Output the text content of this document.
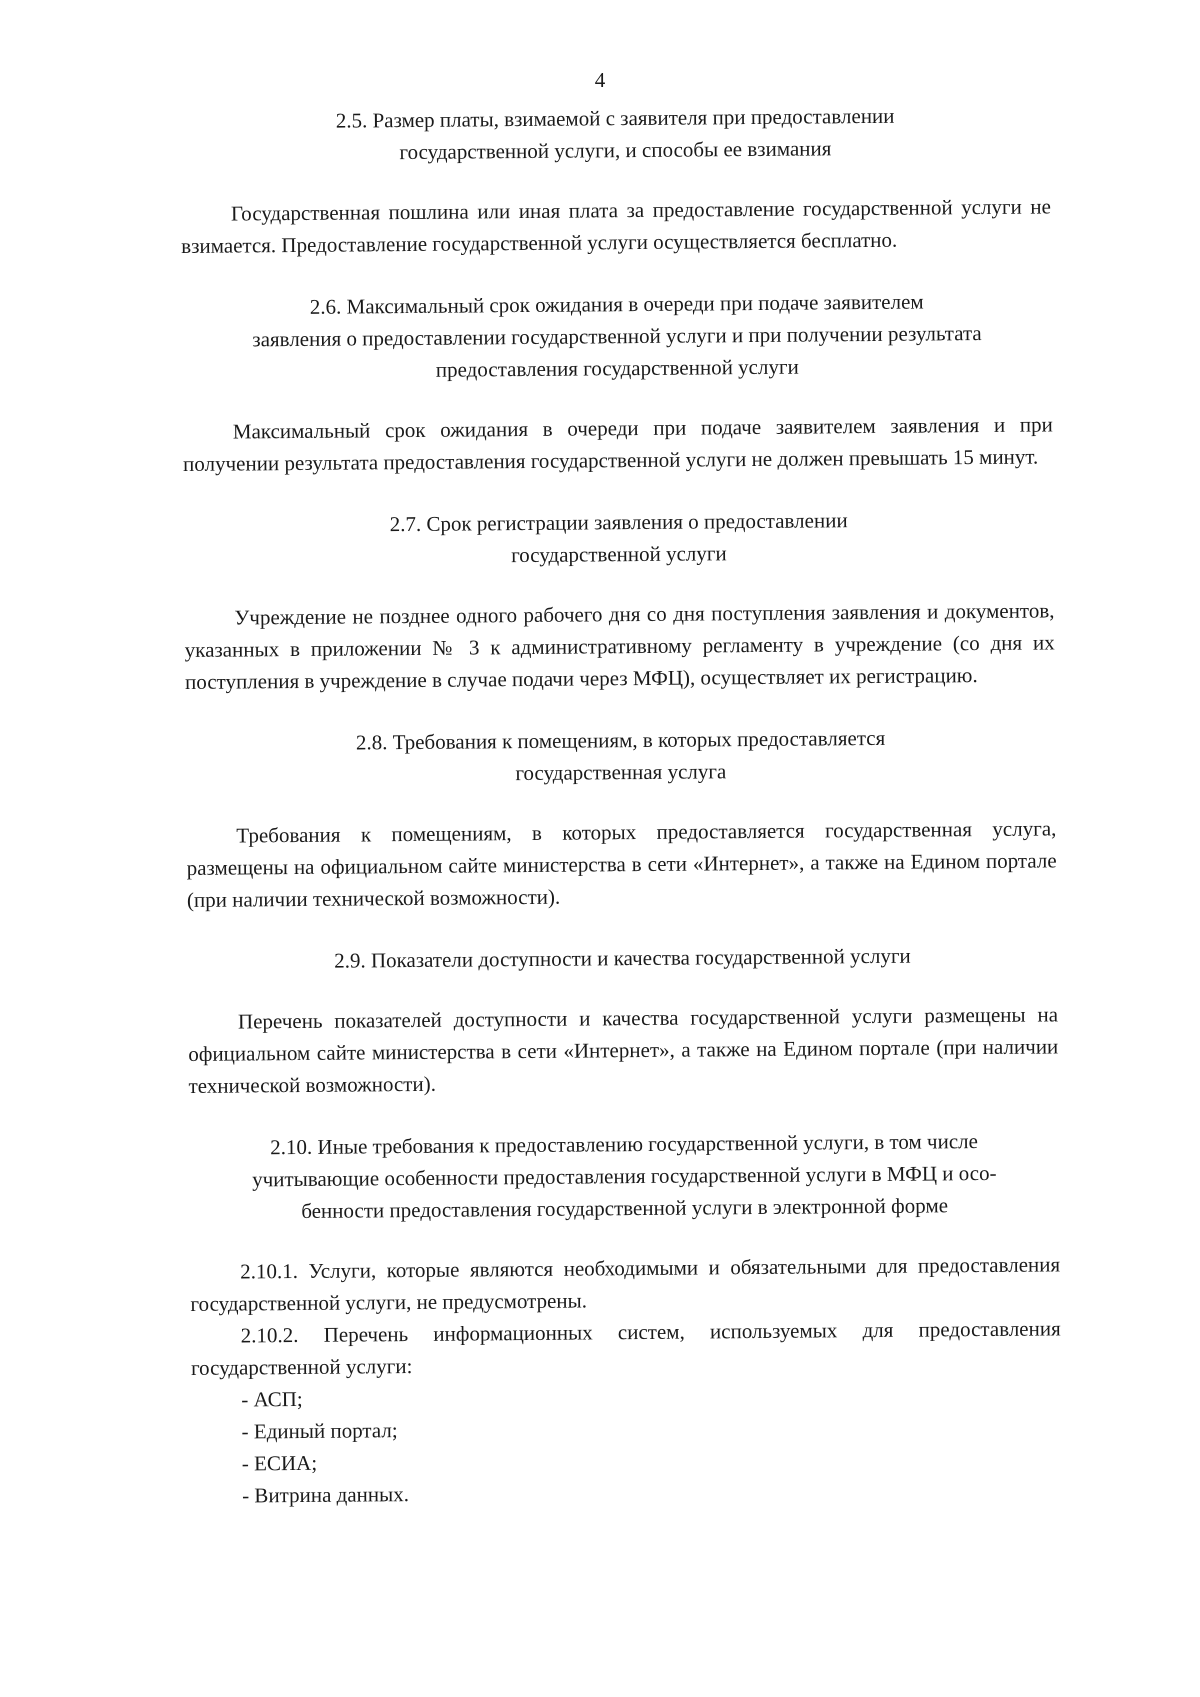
4
2.5. Размер платы, взимаемой с заявителя при предоставлении
государственной услуги, и способы ее взимания

Государственная пошлина или иная плата за предоставление государственной услуги не взимается. Предоставление государственной услуги осуществляется бесплатно.

2.6. Максимальный срок ожидания в очереди при подаче заявителем
заявления о предоставлении государственной услуги и при получении результата
предоставления государственной услуги

Максимальный срок ожидания в очереди при подаче заявителем заявления и при получении результата предоставления государственной услуги не должен превышать 15 минут.

2.7. Срок регистрации заявления о предоставлении
государственной услуги

Учреждение не позднее одного рабочего дня со дня поступления заявления и документов, указанных в приложении № 3 к административному регламенту в учреждение (со дня их поступления в учреждение в случае подачи через МФЦ), осуществляет их регистрацию.

2.8. Требования к помещениям, в которых предоставляется
государственная услуга

Требования к помещениям, в которых предоставляется государственная услуга, размещены на официальном сайте министерства в сети «Интернет», а также на Едином портале (при наличии технической возможности).

2.9. Показатели доступности и качества государственной услуги

Перечень показателей доступности и качества государственной услуги размещены на официальном сайте министерства в сети «Интернет», а также на Едином портале (при наличии технической возможности).

2.10. Иные требования к предоставлению государственной услуги, в том числе
учитывающие особенности предоставления государственной услуги в МФЦ и осо-
бенности предоставления государственной услуги в электронной форме

2.10.1. Услуги, которые являются необходимыми и обязательными для предоставления государственной услуги, не предусмотрены.

2.10.2. Перечень информационных систем, используемых для предоставления государственной услуги:

- АСП;

- Единый портал;

- ЕСИА;

- Витрина данных.
